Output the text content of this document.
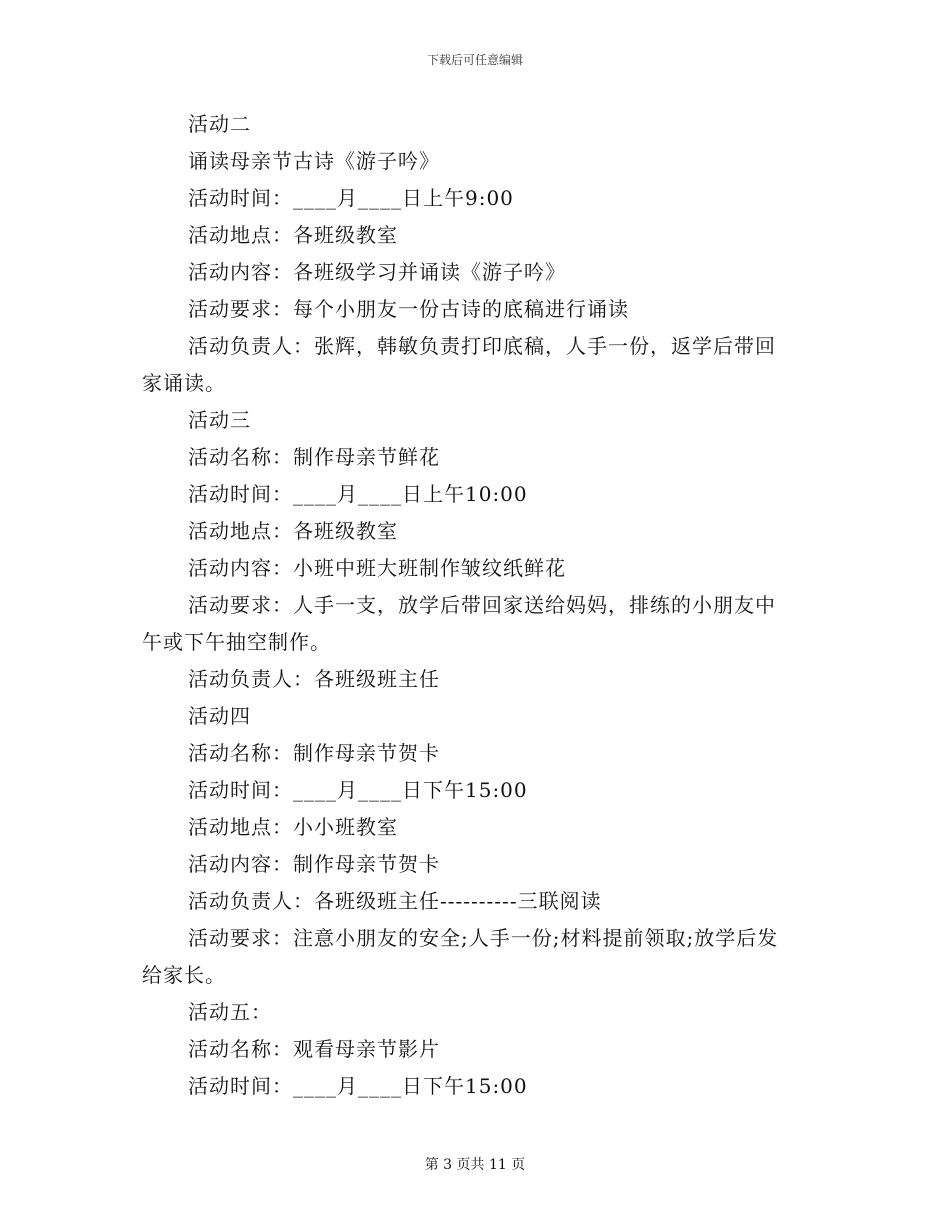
下载后可任意编辑
活动二
诵读母亲节古诗《游子吟》
活动时间：____月____日上午9:00
活动地点：各班级教室
活动内容：各班级学习并诵读《游子吟》
活动要求：每个小朋友一份古诗的底稿进行诵读
活动负责人：张辉，韩敏负责打印底稿，人手一份，返学后带回
家诵读。
活动三
活动名称：制作母亲节鲜花
活动时间：____月____日上午10:00
活动地点：各班级教室
活动内容：小班中班大班制作皱纹纸鲜花
活动要求：人手一支，放学后带回家送给妈妈，排练的小朋友中
午或下午抽空制作。
活动负责人：各班级班主任
活动四
活动名称：制作母亲节贺卡
活动时间：____月____日下午15:00
活动地点：小小班教室
活动内容：制作母亲节贺卡
活动负责人：各班级班主任----------三联阅读
活动要求：注意小朋友的安全;人手一份;材料提前领取;放学后发
给家长。
活动五：
活动名称：观看母亲节影片
活动时间：____月____日下午15:00
第 3 页共 11 页
